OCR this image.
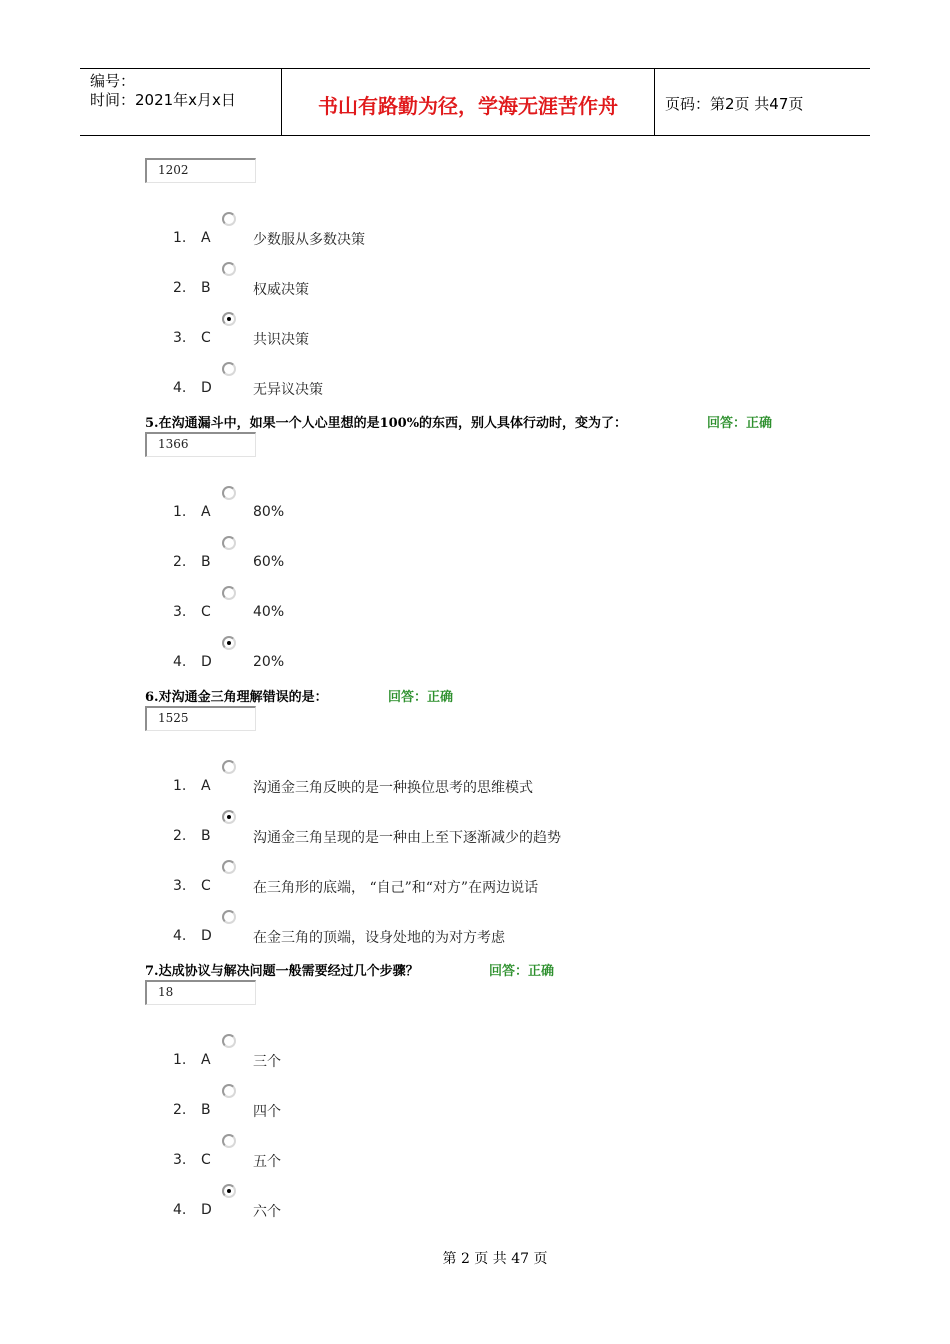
编号：
时间：2021年x月x日	书山有路勤为径，学海无涯苦作舟	页码：第2页 共47页
1202
1. A	少数服从多数决策
2. B	权威决策
3. C	共识决策
4. D	无异议决策
5.在沟通漏斗中，如果一个人心里想的是100%的东西，别人具体行动时，变为了：	回答：正确
1366
1. A	80%
2. B	60%
3. C	40%
4. D	20%
6.对沟通金三角理解错误的是：	回答：正确
1525
1. A	沟通金三角反映的是一种换位思考的思维模式
2. B	沟通金三角呈现的是一种由上至下逐渐减少的趋势
3. C	在三角形的底端， “自己”和“对方”在两边说话
4. D	在金三角的顶端，设身处地的为对方考虑
7.达成协议与解决问题一般需要经过几个步骤？	回答：正确
18
1. A	三个
2. B	四个
3. C	五个
4. D	六个
第 2 页 共 47 页
